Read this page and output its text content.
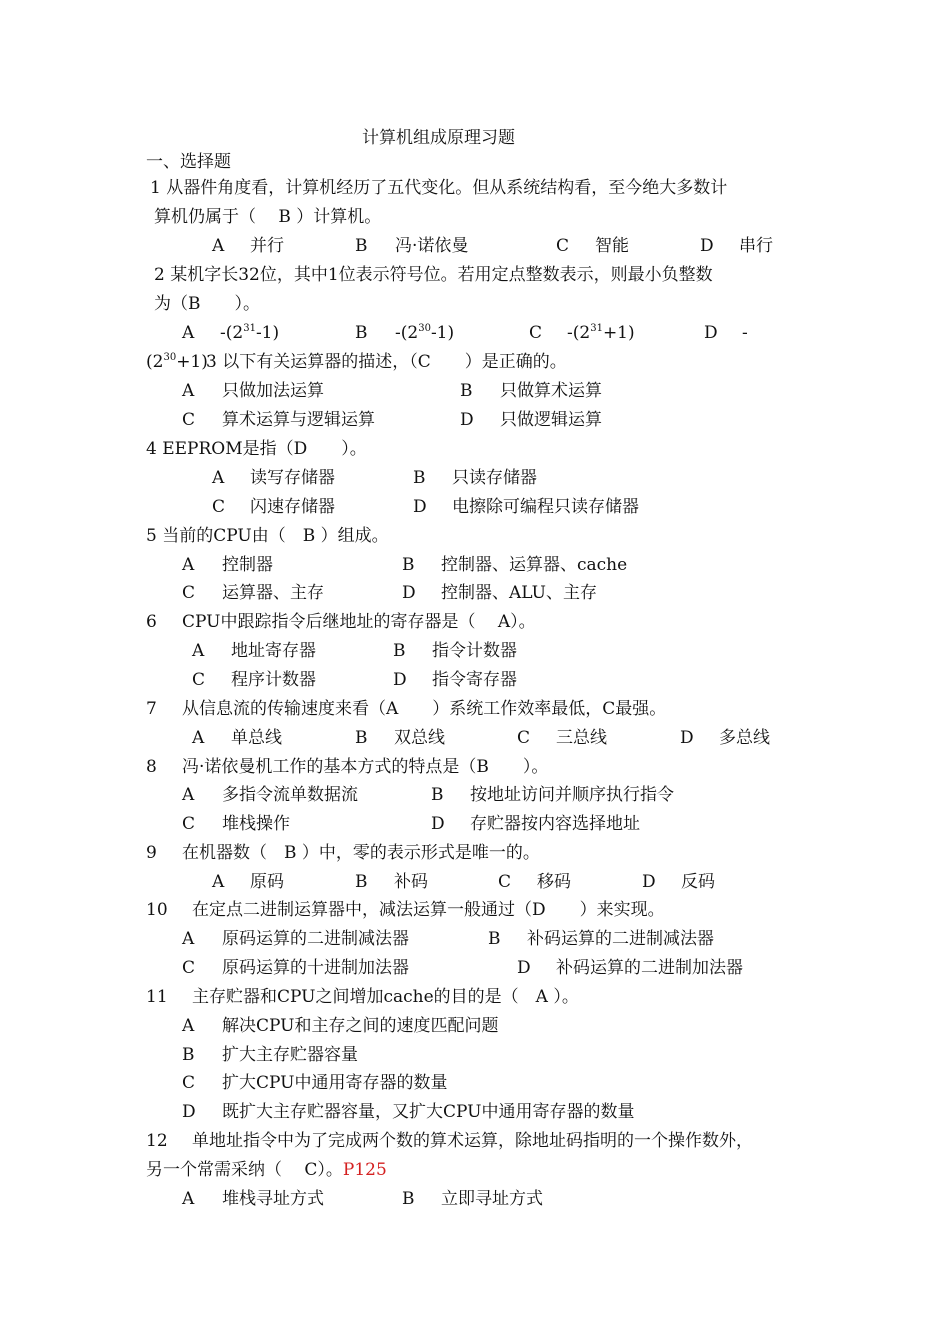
计算机组成原理习题
一、选择题
1 从器件角度看，计算机经历了五代变化。但从系统结构看，至今绝大多数计
算机仍属于（　 B ）计算机。
A 并行	B 冯·诺依曼	C 智能	D 串行
2 某机字长32位，其中1位表示符号位。若用定点整数表示，则最小负整数
为（B　　）。
A $-(2^{31}-1)$	B $-(2^{30}-1)$	C $-(2^{31}+1)$	D -
$(2^{30}+1)$
3 以下有关运算器的描述，（C　　）是正确的。
A 只做加法运算	B 只做算术运算
C 算术运算与逻辑运算	D 只做逻辑运算
4 EEPROM是指（D　　）。
A 读写存储器	B 只读存储器
C 闪速存储器	D 电擦除可编程只读存储器
5 当前的CPU由（　B ）组成。
A 控制器	B 控制器、运算器、cache
C 运算器、主存	D 控制器、ALU、主存
6 CPU中跟踪指令后继地址的寄存器是（　 A）。
A 地址寄存器	B 指令计数器
C 程序计数器	D 指令寄存器
7 从信息流的传输速度来看（A　　）系统工作效率最低，C最强。
A 单总线	B 双总线	C 三总线	D 多总线
8 冯·诺依曼机工作的基本方式的特点是（B　　）。
A 多指令流单数据流	B 按地址访问并顺序执行指令
C 堆栈操作	D 存贮器按内容选择地址
9 在机器数（　B ）中，零的表示形式是唯一的。
A 原码	B 补码	C 移码	D 反码
10 在定点二进制运算器中，减法运算一般通过（D　　）来实现。
A 原码运算的二进制减法器	B 补码运算的二进制减法器
C 原码运算的十进制加法器	D 补码运算的二进制加法器
11 主存贮器和CPU之间增加cache的目的是（　A ）。
A 解决CPU和主存之间的速度匹配问题
B 扩大主存贮器容量
C 扩大CPU中通用寄存器的数量
D 既扩大主存贮器容量，又扩大CPU中通用寄存器的数量
12 单地址指令中为了完成两个数的算术运算，除地址码指明的一个操作数外，
另一个常需采纳（　 C）。P125
A 堆栈寻址方式	B 立即寻址方式
